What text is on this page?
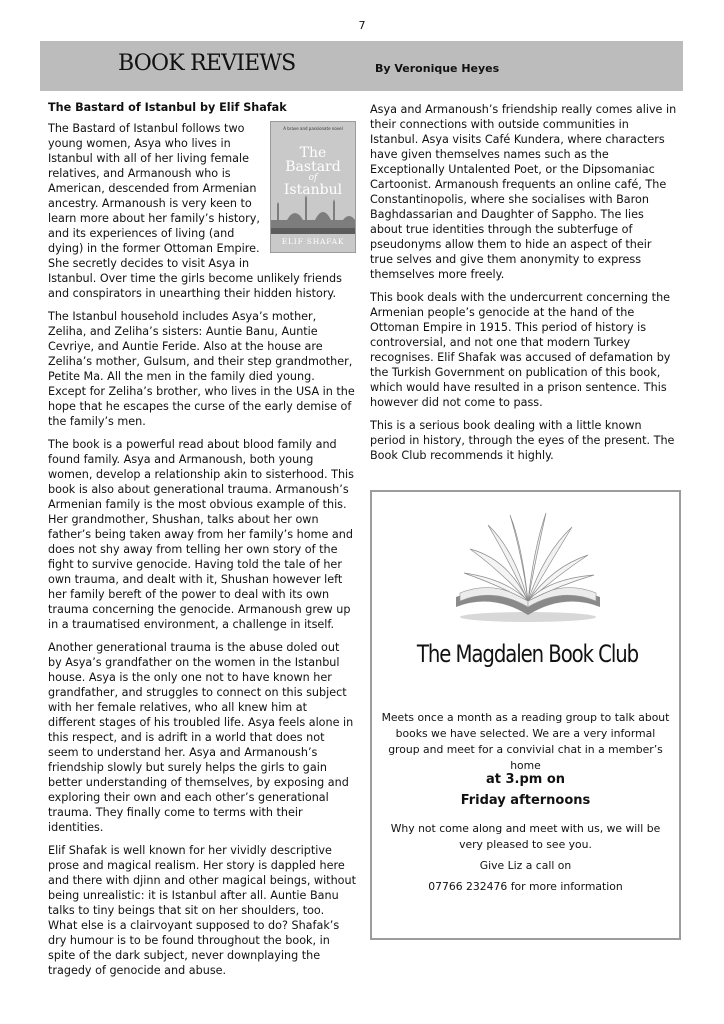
7
BOOK REVIEWS	By Veronique Heyes
The Bastard of Istanbul by Elif Shafak
A brave and passionate novel
The
Bastard
of
Istanbul
ELIF SHAFAK

The Bastard of Istanbul follows two young women, Asya who lives in Istanbul with all of her living female relatives, and Armanoush who is American, descended from Armenian ancestry. Armanoush is very keen to learn more about her family’s history, and its experiences of living (and dying) in the former Ottoman Empire. She secretly decides to visit Asya in Istanbul. Over time the girls become unlikely friends and conspirators in unearthing their hidden history.

The Istanbul household includes Asya’s mother, Zeliha, and Zeliha’s sisters: Auntie Banu, Auntie Cevriye, and Auntie Feride. Also at the house are Zeliha’s mother, Gulsum, and their step grandmother, Petite Ma. All the men in the family died young. Except for Zeliha’s brother, who lives in the USA in the hope that he escapes the curse of the early demise of the family’s men.

The book is a powerful read about blood family and found family. Asya and Armanoush, both young women, develop a relationship akin to sisterhood. This book is also about generational trauma. Armanoush’s Armenian family is the most obvious example of this. Her grandmother, Shushan, talks about her own father’s being taken away from her family’s home and does not shy away from telling her own story of the fight to survive genocide. Having told the tale of her own trauma, and dealt with it, Shushan however left her family bereft of the power to deal with its own trauma concerning the genocide. Armanoush grew up in a traumatised environment, a challenge in itself.

Another generational trauma is the abuse doled out by Asya’s grandfather on the women in the Istanbul house. Asya is the only one not to have known her grandfather, and struggles to connect on this subject with her female relatives, who all knew him at different stages of his troubled life. Asya feels alone in this respect, and is adrift in a world that does not seem to understand her. Asya and Armanoush’s friendship slowly but surely helps the girls to gain better understanding of themselves, by exposing and exploring their own and each other’s generational trauma. They finally come to terms with their identities.

Elif Shafak is well known for her vividly descriptive prose and magical realism. Her story is dappled here and there with djinn and other magical beings, without being unrealistic: it is Istanbul after all. Auntie Banu talks to tiny beings that sit on her shoulders, too. What else is a clairvoyant supposed to do? Shafak’s dry humour is to be found throughout the book, in spite of the dark subject, never downplaying the tragedy of genocide and abuse.

Asya and Armanoush’s friendship really comes alive in their connections with outside communities in Istanbul. Asya visits Café Kundera, where characters have given themselves names such as the Exceptionally Untalented Poet, or the Dipsomaniac Cartoonist. Armanoush frequents an online café, The Constantinopolis, where she socialises with Baron Baghdassarian and Daughter of Sappho. The lies about true identities through the subterfuge of pseudonyms allow them to hide an aspect of their true selves and give them anonymity to express themselves more freely.

This book deals with the undercurrent concerning the Armenian people’s genocide at the hand of the Ottoman Empire in 1915. This period of history is controversial, and not one that modern Turkey recognises. Elif Shafak was accused of defamation by the Turkish Government on publication of this book, which would have resulted in a prison sentence. This however did not come to pass.

This is a serious book dealing with a little known period in history, through the eyes of the present. The Book Club recommends it highly.

The Magdalen Book Club
Meets once a month as a reading group to talk about books we have selected. We are a very informal group and meet for a convivial chat in a member’s home
at 3.pm on
Friday afternoons
Why not come along and meet with us, we will be very pleased to see you.
Give Liz a call on
07766 232476 for more information
